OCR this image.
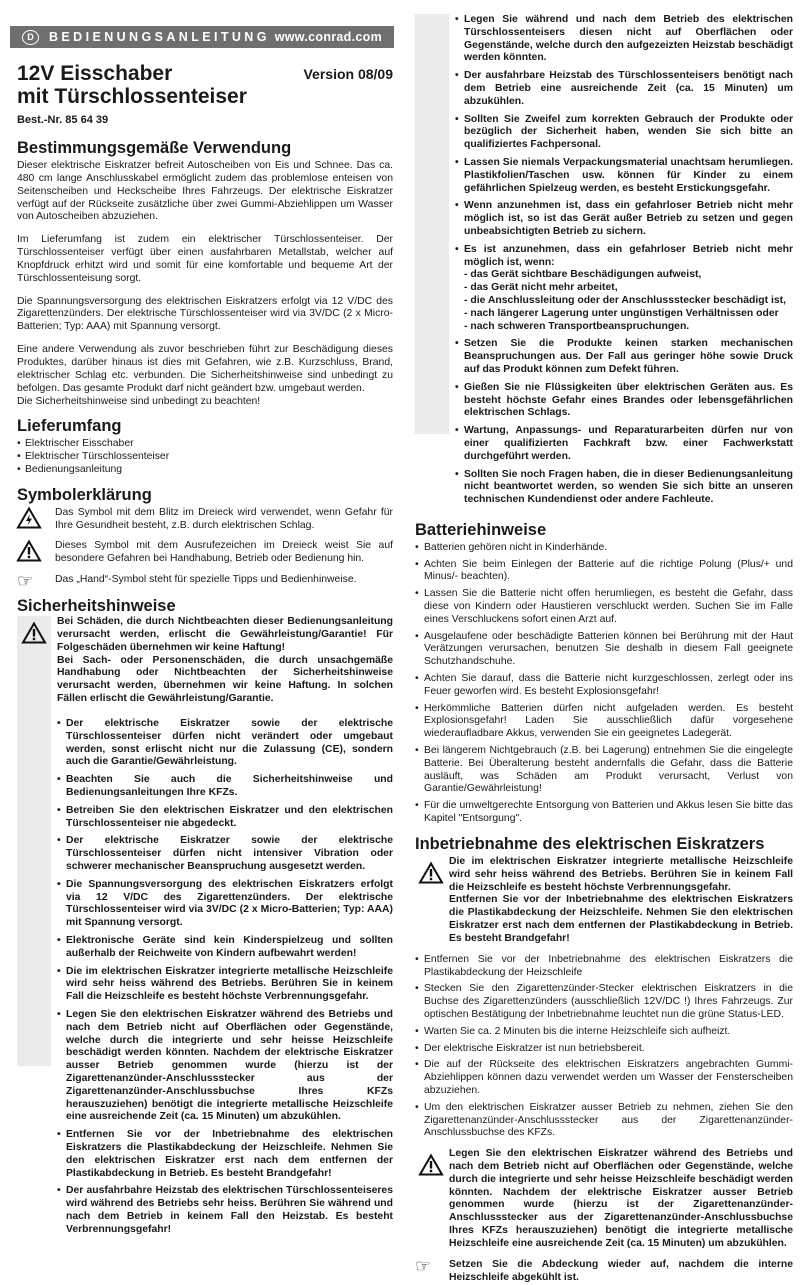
D	BEDIENUNGSANLEITUNG www.conrad.com
12V Eisschaber
mit Türschlossenteiser
Version 08/09
Best.-Nr. 85 64 39
Bestimmungsgemäße Verwendung

Dieser elektrische Eiskratzer befreit Autoscheiben von Eis und Schnee. Das ca. 480 cm lange Anschlusskabel ermöglicht zudem das problemlose enteisen von Seitenscheiben und Heckscheibe Ihres Fahrzeugs. Der elektrische Eiskratzer verfügt auf der Rückseite zusätzliche über zwei Gummi-Abziehlippen um Wasser von Autoscheiben abzuziehen.

Im Lieferumfang ist zudem ein elektrischer Türschlossenteiser. Der Türschlossenteiser verfügt über einen ausfahrbaren Metallstab, welcher auf Knopfdruck erhitzt wird und somit für eine komfortable und bequeme Art der Türschlossenteisung sorgt.

Die Spannungsversorgung des elektrischen Eiskratzers erfolgt via 12 V/DC des Zigarettenzünders. Der elektrische Türschlossenteiser wird via 3V/DC (2 x Micro-Batterien; Typ: AAA) mit Spannung versorgt.

Eine andere Verwendung als zuvor beschrieben führt zur Beschädigung dieses Produktes, darüber hinaus ist dies mit Gefahren, wie z.B. Kurzschluss, Brand, elektrischer Schlag etc. verbunden. Die Sicherheitshinweise sind unbedingt zu befolgen. Das gesamte Produkt darf nicht geändert bzw. umgebaut werden.

Die Sicherheitshinweise sind unbedingt zu beachten!

Lieferumfang
• Elektrischer Eisschaber
• Elektrischer Türschlossenteiser
• Bedienungsanleitung
Symbolerklärung

Das Symbol mit dem Blitz im Dreieck wird verwendet, wenn Gefahr für Ihre Gesundheit besteht, z.B. durch elektrischen Schlag.

Dieses Symbol mit dem Ausrufezeichen im Dreieck weist Sie auf besondere Gefahren bei Handhabung, Betrieb oder Bedienung hin.

☞	Das „Hand“-Symbol steht für spezielle Tipps und Bedienhinweise.

Sicherheitshinweise

Bei Schäden, die durch Nichtbeachten dieser Bedienungsanleitung verursacht werden, erlischt die Gewährleistung/Garantie! Für Folgeschäden übernehmen wir keine Haftung!

Bei Sach- oder Personenschäden, die durch unsachgemäße Handhabung oder Nichtbeachten der Sicherheitshinweise verursacht werden, übernehmen wir keine Haftung. In solchen Fällen erlischt die Gewährleistung/Garantie.

• Der elektrische Eiskratzer sowie der elektrische Türschlossenteiser dürfen nicht verändert oder umgebaut werden, sonst erlischt nicht nur die Zulassung (CE), sondern auch die Garantie/Gewährleistung.
• Beachten Sie auch die Sicherheitshinweise und Bedienungsanleitungen Ihre KFZs.
• Betreiben Sie den elektrischen Eiskratzer und den elektrischen Türschlossenteiser nie abgedeckt.
• Der elektrische Eiskratzer sowie der elektrische Türschlossenteiser dürfen nicht intensiver Vibration oder schwerer mechanischer Beanspruchung ausgesetzt werden.
• Die Spannungsversorgung des elektrischen Eiskratzers erfolgt via 12 V/DC des Zigarettenzünders. Der elektrische Türschlossenteiser wird via 3V/DC (2 x Micro-Batterien; Typ: AAA) mit Spannung versorgt.
• Elektronische Geräte sind kein Kinderspielzeug und sollten außerhalb der Reichweite von Kindern aufbewahrt werden!
• Die im elektrischen Eiskratzer integrierte metallische Heizschleife wird sehr heiss während des Betriebs. Berühren Sie in keinem Fall die Heizschleife es besteht höchste Verbrennungsgefahr.
• Legen Sie den elektrischen Eiskratzer während des Betriebs und nach dem Betrieb nicht auf Oberflächen oder Gegenstände, welche durch die integrierte und sehr heisse Heizschleife beschädigt werden könnten. Nachdem der elektrische Eiskratzer ausser Betrieb genommen wurde (hierzu ist der Zigarettenanzünder-Anschlussstecker aus der Zigarettenanzünder-Anschlussbuchse Ihres KFZs herauszuziehen) benötigt die integrierte metallische Heizschleife eine ausreichende Zeit (ca. 15 Minuten) um abzukühlen.
• Entfernen Sie vor der Inbetriebnahme des elektrischen Eiskratzers die Plastikabdeckung der Heizschleife. Nehmen Sie den elektrischen Eiskratzer erst nach dem entfernen der Plastikabdeckung in Betrieb. Es besteht Brandgefahr!
• Der ausfahrbahre Heizstab des elektrischen Türschlossenteiseres wird während des Betriebs sehr heiss. Berühren Sie während und nach dem Betrieb in keinem Fall den Heizstab. Es besteht Verbrennungsgefahr!
• Legen Sie während und nach dem Betrieb des elektrischen Türschlossenteisers diesen nicht auf Oberflächen oder Gegenstände, welche durch den aufgezeizten Heizstab beschädigt werden könnten.
• Der ausfahrbare Heizstab des Türschlossenteisers benötigt nach dem Betrieb eine ausreichende Zeit (ca. 15 Minuten) um abzukühlen.
• Sollten Sie Zweifel zum korrekten Gebrauch der Produkte oder bezüglich der Sicherheit haben, wenden Sie sich bitte an qualifiziertes Fachpersonal.
• Lassen Sie niemals Verpackungsmaterial unachtsam herumliegen. Plastikfolien/Taschen usw. können für Kinder zu einem gefährlichen Spielzeug werden, es besteht Erstickungsgefahr.
• Wenn anzunehmen ist, dass ein gefahrloser Betrieb nicht mehr möglich ist, so ist das Gerät außer Betrieb zu setzen und gegen unbeabsichtigten Betrieb zu sichern.
• Es ist anzunehmen, dass ein gefahrloser Betrieb nicht mehr möglich ist, wenn:
- das Gerät sichtbare Beschädigungen aufweist,
- das Gerät nicht mehr arbeitet,
- die Anschlussleitung oder der Anschlussstecker beschädigt ist,
- nach längerer Lagerung unter ungünstigen Verhältnissen oder
- nach schweren Transportbeanspruchungen.
• Setzen Sie die Produkte keinen starken mechanischen Beanspruchungen aus. Der Fall aus geringer höhe sowie Druck auf das Produkt können zum Defekt führen.
• Gießen Sie nie Flüssigkeiten über elektrischen Geräten aus. Es besteht höchste Gefahr eines Brandes oder lebensgefährlichen elektrischen Schlags.
• Wartung, Anpassungs- und Reparaturarbeiten dürfen nur von einer qualifizierten Fachkraft bzw. einer Fachwerkstatt durchgeführt werden.
• Sollten Sie noch Fragen haben, die in dieser Bedienungsanleitung nicht beantwortet werden, so wenden Sie sich bitte an unseren technischen Kundendienst oder andere Fachleute.
Batteriehinweise
• Batterien gehören nicht in Kinderhände.
• Achten Sie beim Einlegen der Batterie auf die richtige Polung (Plus/+ und Minus/- beachten).
• Lassen Sie die Batterie nicht offen herumliegen, es besteht die Gefahr, dass diese von Kindern oder Haustieren verschluckt werden. Suchen Sie im Falle eines Verschluckens sofort einen Arzt auf.
• Ausgelaufene oder beschädigte Batterien können bei Berührung mit der Haut Verätzungen verursachen, benutzen Sie deshalb in diesem Fall geeignete Schutzhandschuhe.
• Achten Sie darauf, dass die Batterie nicht kurzgeschlossen, zerlegt oder ins Feuer geworfen wird. Es besteht Explosionsgefahr!
• Herkömmliche Batterien dürfen nicht aufgeladen werden. Es besteht Explosionsgefahr! Laden Sie ausschließlich dafür vorgesehene wiederaufladbare Akkus, verwenden Sie ein geeignetes Ladegerät.
• Bei längerem Nichtgebrauch (z.B. bei Lagerung) entnehmen Sie die eingelegte Batterie. Bei Überalterung besteht andernfalls die Gefahr, dass die Batterie ausläuft, was Schäden am Produkt verursacht, Verlust von Garantie/Gewährleistung!
• Für die umweltgerechte Entsorgung von Batterien und Akkus lesen Sie bitte das Kapitel "Entsorgung".
Inbetriebnahme des elektrischen Eiskratzers

Die im elektrischen Eiskratzer integrierte metallische Heizschleife wird sehr heiss während des Betriebs. Berühren Sie in keinem Fall die Heizschleife es besteht höchste Verbrennungsgefahr.

Entfernen Sie vor der Inbetriebnahme des elektrischen Eiskratzers die Plastikabdeckung der Heizschleife. Nehmen Sie den elektrischen Eiskratzer erst nach dem entfernen der Plastikabdeckung in Betrieb. Es besteht Brandgefahr!

• Entfernen Sie vor der Inbetriebnahme des elektrischen Eiskratzers die Plastikabdeckung der Heizschleife
• Stecken Sie den Zigarettenzünder-Stecker elektrischen Eiskratzers in die Buchse des Zigarettenzünders (ausschließlich 12V/DC !) Ihres Fahrzeugs. Zur optischen Bestätigung der Inbetriebnahme leuchtet nun die grüne Status-LED.
• Warten Sie ca. 2 Minuten bis die interne Heizschleife sich aufheizt.
• Der elektrische Eiskratzer ist nun betriebsbereit.
• Die auf der Rückseite des elektrischen Eiskratzers angebrachten Gummi-Abziehlippen können dazu verwendet werden um Wasser der Fensterscheiben abzuziehen.
• Um den elektrischen Eiskratzer ausser Betrieb zu nehmen, ziehen Sie den Zigarettenanzünder-Anschlussstecker aus der Zigarettenanzünder-Anschlussbuchse des KFZs.

Legen Sie den elektrischen Eiskratzer während des Betriebs und nach dem Betrieb nicht auf Oberflächen oder Gegenstände, welche durch die integrierte und sehr heisse Heizschleife beschädigt werden könnten. Nachdem der elektrische Eiskratzer ausser Betrieb genommen wurde (hierzu ist der Zigarettenanzünder-Anschlussstecker aus der Zigarettenanzünder-Anschlussbuchse Ihres KFZs herauszuziehen) benötigt die integrierte metallische Heizschleife eine ausreichende Zeit (ca. 15 Minuten) um abzukühlen.

☞	Setzen Sie die Abdeckung wieder auf, nachdem die interne Heizschleife abgekühlt ist.
